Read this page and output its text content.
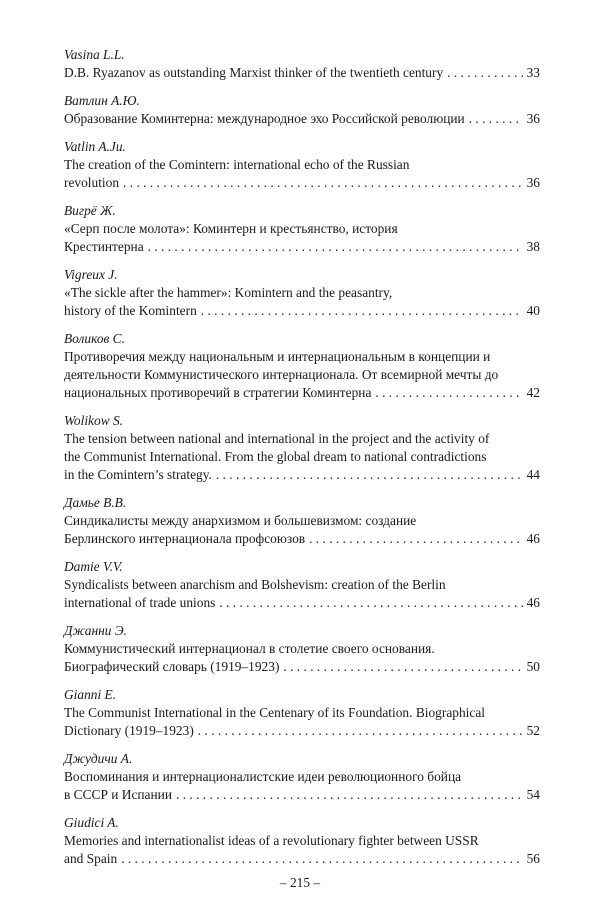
Vasina L.L.
D.B. Ryazanov as outstanding Marxist thinker of the twentieth century . . .	33
Ватлин А.Ю.
Образование Коминтерна: международное эхо Российской революции . . .	36
Vatlin A.Ju.
The creation of the Comintern: international echo of the Russian
revolution . . .	36
Вигрё Ж.
«Серп после молота»: Коминтерн и крестьянство, история
Крестинтерна . . .	38
Vigreux J.
«The sickle after the hammer»: Komintern and the peasantry,
history of the Komintern . . .	40
Воликов С.
Противоречия между национальным и интернациональным в концепции и
деятельности Коммунистического интернационала. От всемирной мечты до
национальных противоречий в стратегии Коминтерна . . .	42
Wolikow S.
The tension between national and international in the project and the activity of
the Communist International. From the global dream to national contradictions
in the Comintern’s strategy. . . .	44
Дамье В.В.
Синдикалисты между анархизмом и большевизмом: создание
Берлинского интернационала профсоюзов . . .	46
Damie V.V.
Syndicalists between anarchism and Bolshevism: creation of the Berlin
international of trade unions . . .	46
Джанни Э.
Коммунистический интернационал в столетие своего основания.
Биографический словарь (1919–1923) . . .	50
Gianni E.
The Communist International in the Centenary of its Foundation. Biographical
Dictionary (1919–1923) . . .	52
Джудичи А.
Воспоминания и интернационалистские идеи революционного бойца
в СССР и Испании . . .	54
Giudici A.
Memories and internationalist ideas of a revolutionary fighter between USSR
and Spain . . .	56
– 215 –
